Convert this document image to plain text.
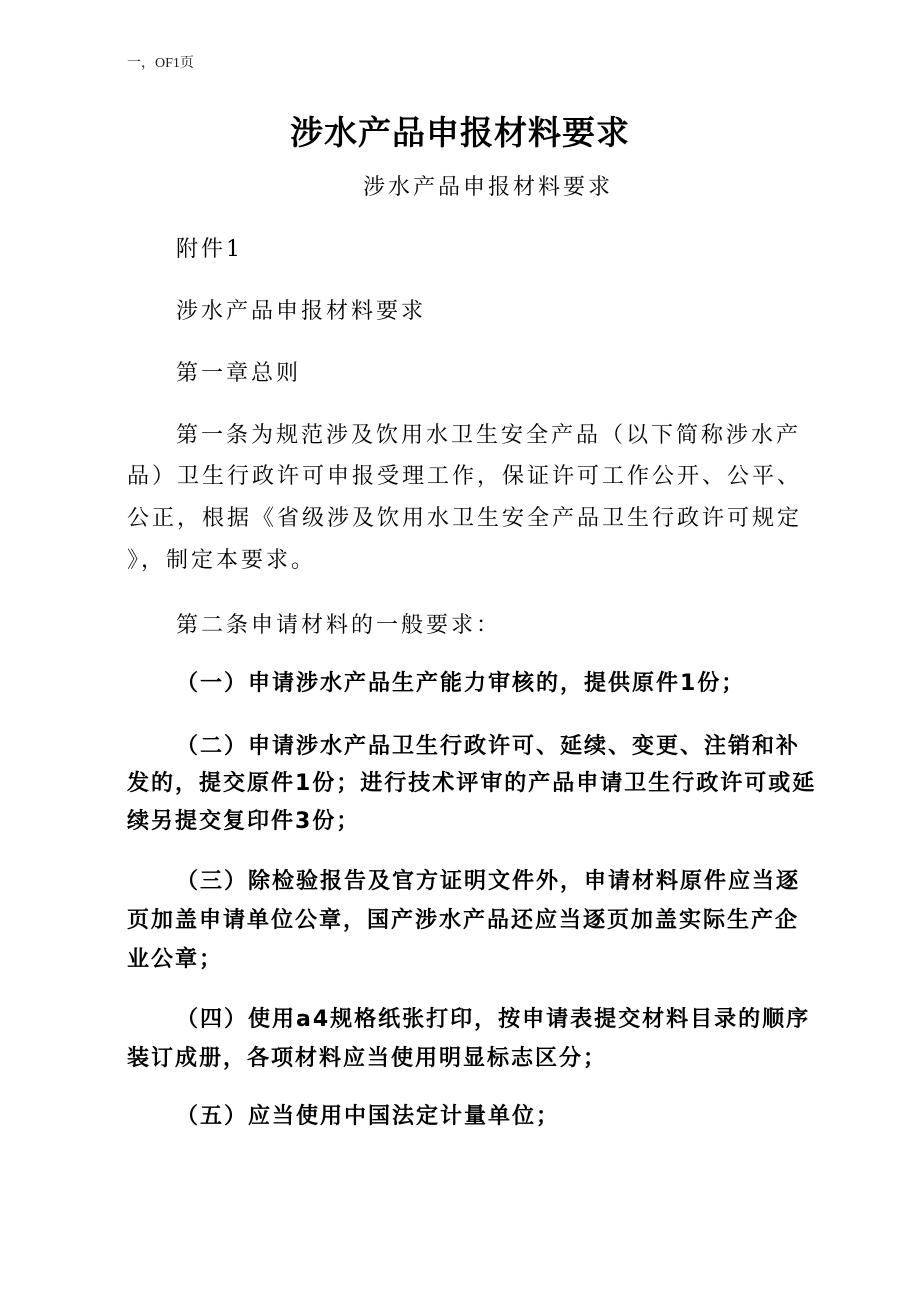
一，OF1页
涉水产品申报材料要求
涉水产品申报材料要求
附件1
涉水产品申报材料要求
第一章总则
第一条为规范涉及饮用水卫生安全产品（以下简称涉水产
品）卫生行政许可申报受理工作，保证许可工作公开、公平、
公正，根据《省级涉及饮用水卫生安全产品卫生行政许可规定
》，制定本要求。
第二条申请材料的一般要求：
（一）申请涉水产品生产能力审核的，提供原件1份；
（二）申请涉水产品卫生行政许可、延续、变更、注销和补
发的，提交原件1份；进行技术评审的产品申请卫生行政许可或延
续另提交复印件3份；
（三）除检验报告及官方证明文件外，申请材料原件应当逐
页加盖申请单位公章，国产涉水产品还应当逐页加盖实际生产企
业公章；
（四）使用a4规格纸张打印，按申请表提交材料目录的顺序
装订成册，各项材料应当使用明显标志区分；
（五）应当使用中国法定计量单位；
